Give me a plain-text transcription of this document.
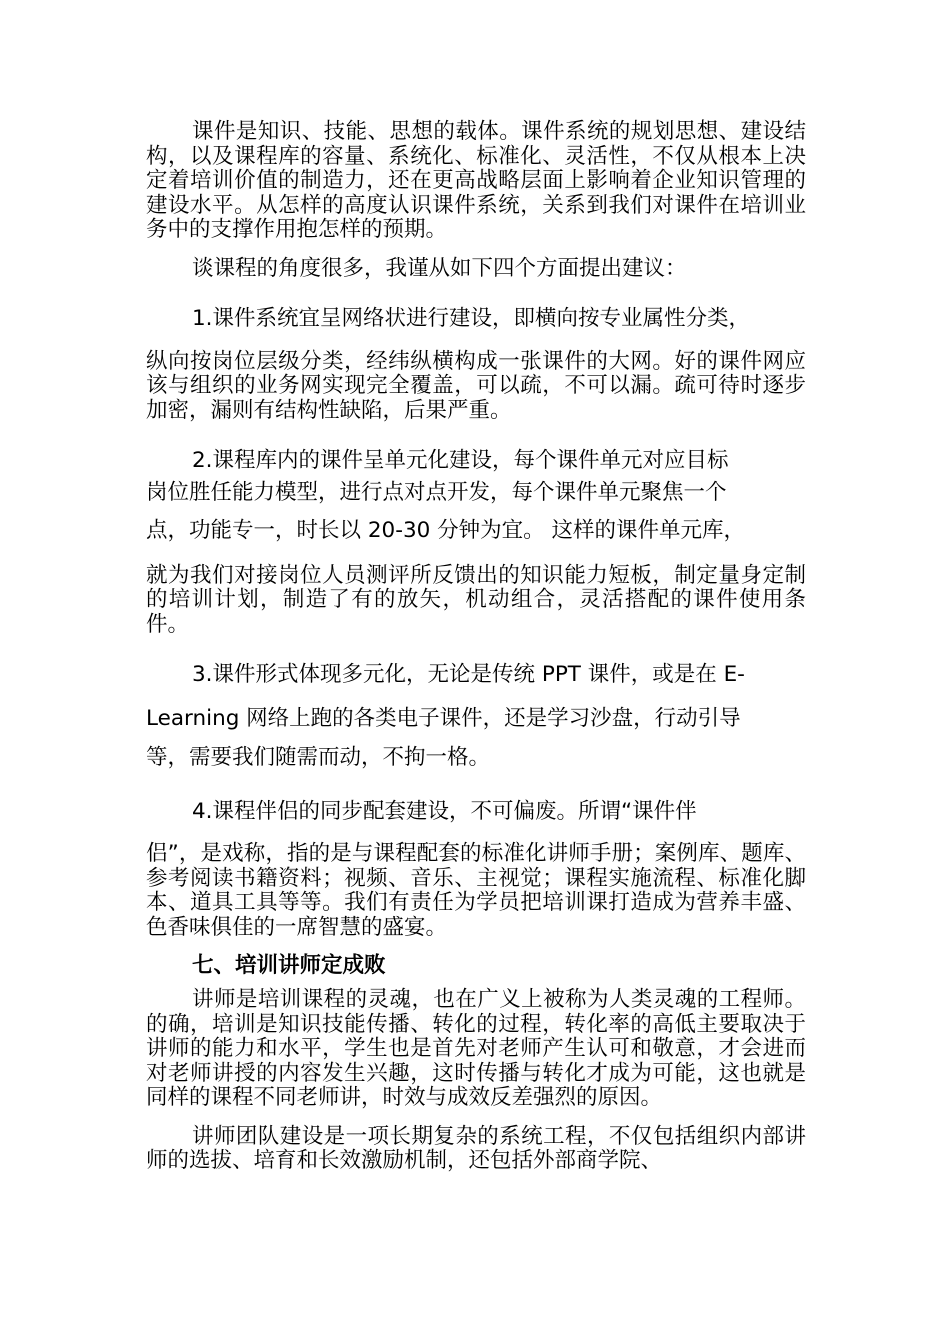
课件是知识、技能、思想的载体。课件系统的规划思想、建设结构，以及课程库的容量、系统化、标准化、灵活性，不仅从根本上决定着培训价值的制造力，还在更高战略层面上影响着企业知识管理的建设水平。从怎样的高度认识课件系统，关系到我们对课件在培训业务中的支撑作用抱怎样的预期。

谈课程的角度很多，我谨从如下四个方面提出建议：

1.课件系统宜呈网络状进行建设，即横向按专业属性分类，

纵向按岗位层级分类，经纬纵横构成一张课件的大网。好的课件网应该与组织的业务网实现完全覆盖，可以疏，不可以漏。疏可待时逐步加密，漏则有结构性缺陷，后果严重。

2.课程库内的课件呈单元化建设，每个课件单元对应目标

岗位胜任能力模型，进行点对点开发，每个课件单元聚焦一个

点，功能专一，时长以 20-30 分钟为宜。 这样的课件单元库，

就为我们对接岗位人员测评所反馈出的知识能力短板，制定量身定制的培训计划，制造了有的放矢，机动组合，灵活搭配的课件使用条件。

3.课件形式体现多元化，无论是传统 PPT 课件，或是在 E-

Learning 网络上跑的各类电子课件，还是学习沙盘，行动引导

等，需要我们随需而动，不拘一格。

4.课程伴侣的同步配套建设，不可偏废。所谓“课件伴

侣”，是戏称，指的是与课程配套的标准化讲师手册；案例库、题库、参考阅读书籍资料；视频、音乐、主视觉；课程实施流程、标准化脚本、道具工具等等。我们有责任为学员把培训课打造成为营养丰盛、色香味俱佳的一席智慧的盛宴。

七、培训讲师定成败

讲师是培训课程的灵魂，也在广义上被称为人类灵魂的工程师。的确，培训是知识技能传播、转化的过程，转化率的高低主要取决于讲师的能力和水平，学生也是首先对老师产生认可和敬意，才会进而对老师讲授的内容发生兴趣，这时传播与转化才成为可能，这也就是同样的课程不同老师讲，时效与成效反差强烈的原因。

讲师团队建设是一项长期复杂的系统工程，不仅包括组织内部讲师的选拔、培育和长效激励机制，还包括外部商学院、
